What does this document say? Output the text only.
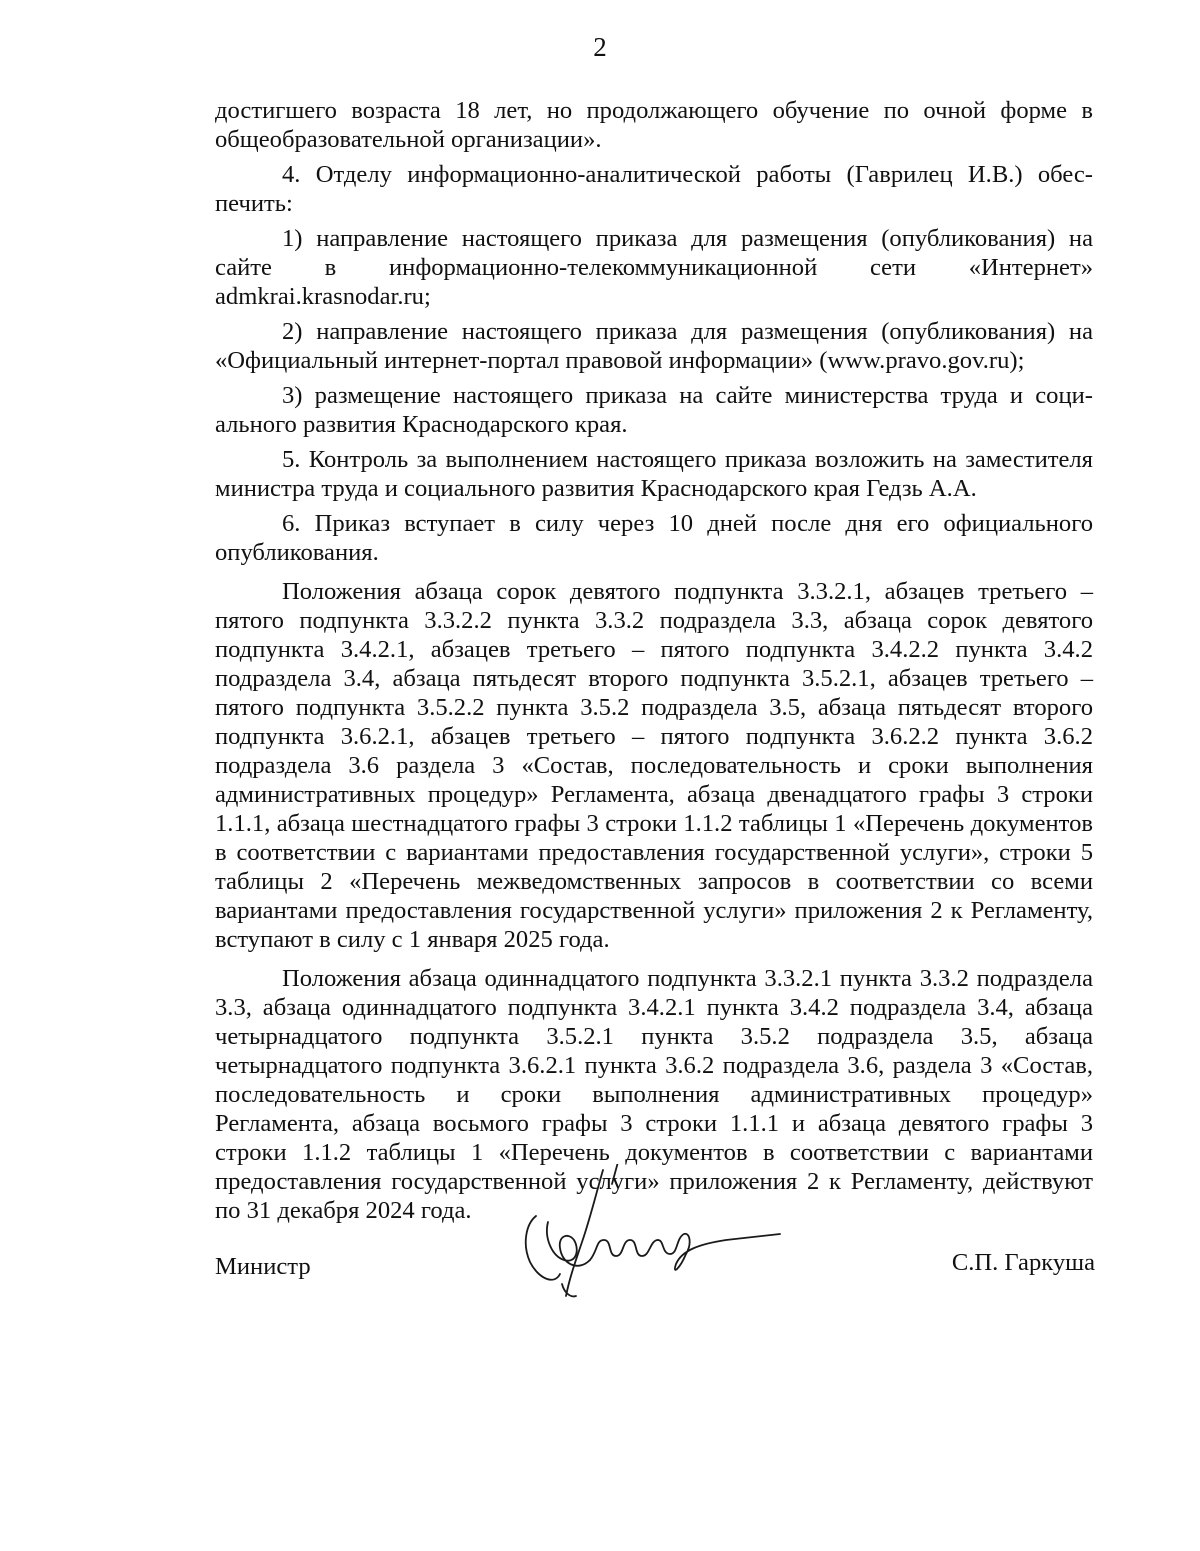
2

достигшего возраста 18 лет, но продолжающего обучение по очной форме в общеобразовательной организации».

4. Отделу информационно-аналитической работы (Гаврилец И.В.) обеспечить:

1) направление настоящего приказа для размещения (опубликования) на сайте в информационно-телекоммуникационной сети «Интернет» admkrai.krasnodar.ru;

2) направление настоящего приказа для размещения (опубликования) на «Официальный интернет-портал правовой информации» (www.pravo.gov.ru);

3) размещение настоящего приказа на сайте министерства труда и социального развития Краснодарского края.

5. Контроль за выполнением настоящего приказа возложить на заместителя министра труда и социального развития Краснодарского края Гедзь А.А.

6. Приказ вступает в силу через 10 дней после дня его официального опубликования.

Положения абзаца сорок девятого подпункта 3.3.2.1, абзацев третьего – пятого подпункта 3.3.2.2 пункта 3.3.2 подраздела 3.3, абзаца сорок девятого подпункта 3.4.2.1, абзацев третьего – пятого подпункта 3.4.2.2 пункта 3.4.2 подраздела 3.4, абзаца пятьдесят второго подпункта 3.5.2.1, абзацев третьего – пятого подпункта 3.5.2.2 пункта 3.5.2 подраздела 3.5, абзаца пятьдесят второго подпункта 3.6.2.1, абзацев третьего – пятого подпункта 3.6.2.2 пункта 3.6.2 подраздела 3.6 раздела 3 «Состав, последовательность и сроки выполнения административных процедур» Регламента, абзаца двенадцатого графы 3 строки 1.1.1, абзаца шестнадцатого графы 3 строки 1.1.2 таблицы 1 «Перечень документов в соответствии с вариантами предоставления государственной услуги», строки 5 таблицы 2 «Перечень межведомственных запросов в соответствии со всеми вариантами предоставления государственной услуги» приложения 2 к Регламенту, вступают в силу с 1 января 2025 года.

Положения абзаца одиннадцатого подпункта 3.3.2.1 пункта 3.3.2 подраздела 3.3, абзаца одиннадцатого подпункта 3.4.2.1 пункта 3.4.2 подраздела 3.4, абзаца четырнадцатого подпункта 3.5.2.1 пункта 3.5.2 подраздела 3.5, абзаца четырнадцатого подпункта 3.6.2.1 пункта 3.6.2 подраздела 3.6, раздела 3 «Состав, последовательность и сроки выполнения административных процедур» Регламента, абзаца восьмого графы 3 строки 1.1.1 и абзаца девятого графы 3 строки 1.1.2 таблицы 1 «Перечень документов в соответствии с вариантами предоставления государственной услуги» приложения 2 к Регламенту, действуют по 31 декабря 2024 года.

Министр	С.П. Гаркуша
